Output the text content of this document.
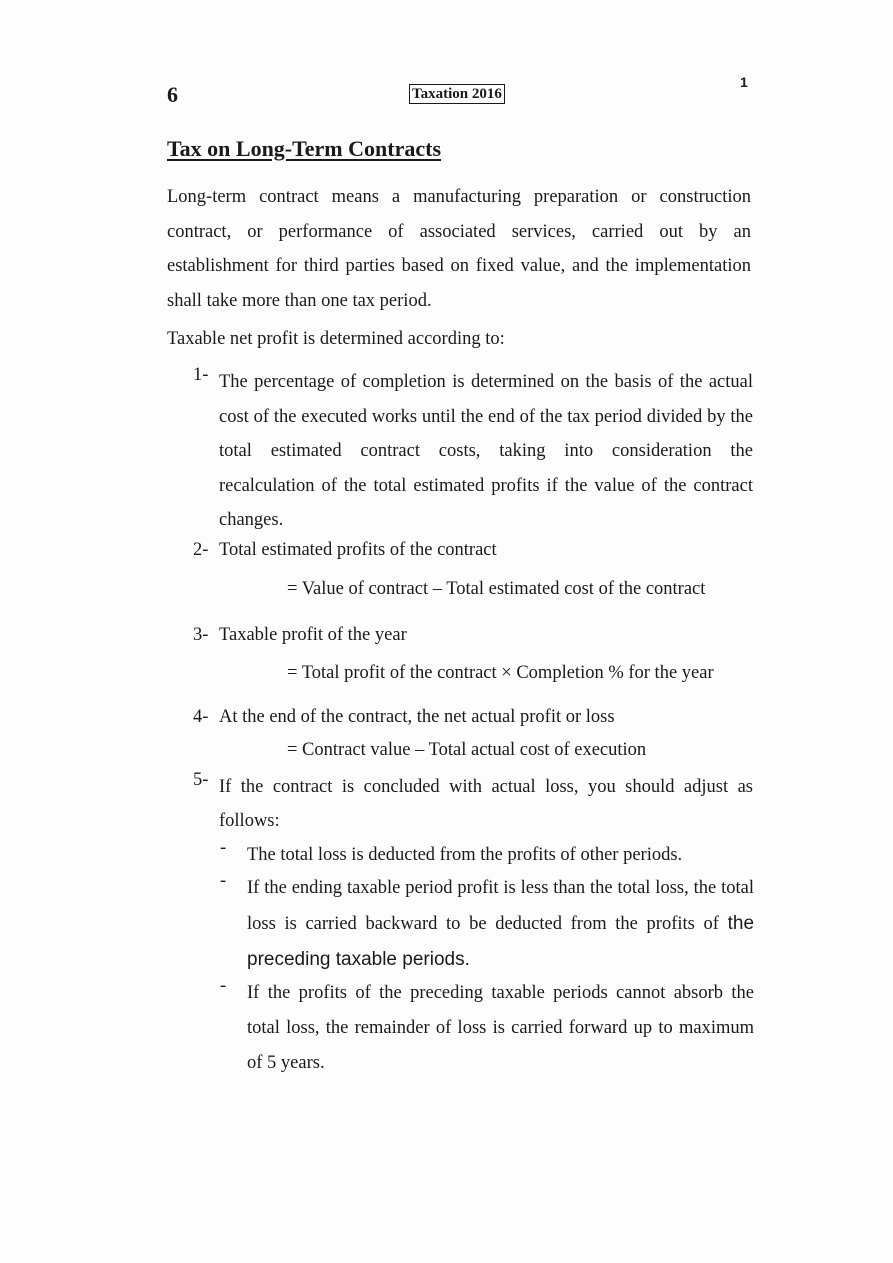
6	Taxation 2016
1
Tax on Long-Term Contracts

Long-term contract means a manufacturing preparation or construction contract, or performance of associated services, carried out by an establishment for third parties based on fixed value, and the implementation shall take more than one tax period.

Taxable net profit is determined according to:

1- The percentage of completion is determined on the basis of the actual cost of the executed works until the end of the tax period divided by the total estimated contract costs, taking into consideration the recalculation of the total estimated profits if the value of the contract changes.
2- Total estimated profits of the contract
= Value of contract – Total estimated cost of the contract
3- Taxable profit of the year
= Total profit of the contract × Completion % for the year
4- At the end of the contract, the net actual profit or loss
= Contract value – Total actual cost of execution
5- If the contract is concluded with actual loss, you should adjust as follows:
- The total loss is deducted from the profits of other periods.
- If the ending taxable period profit is less than the total loss, the total loss is carried backward to be deducted from the profits of the preceding taxable periods.
- If the profits of the preceding taxable periods cannot absorb the total loss, the remainder of loss is carried forward up to maximum of 5 years.
